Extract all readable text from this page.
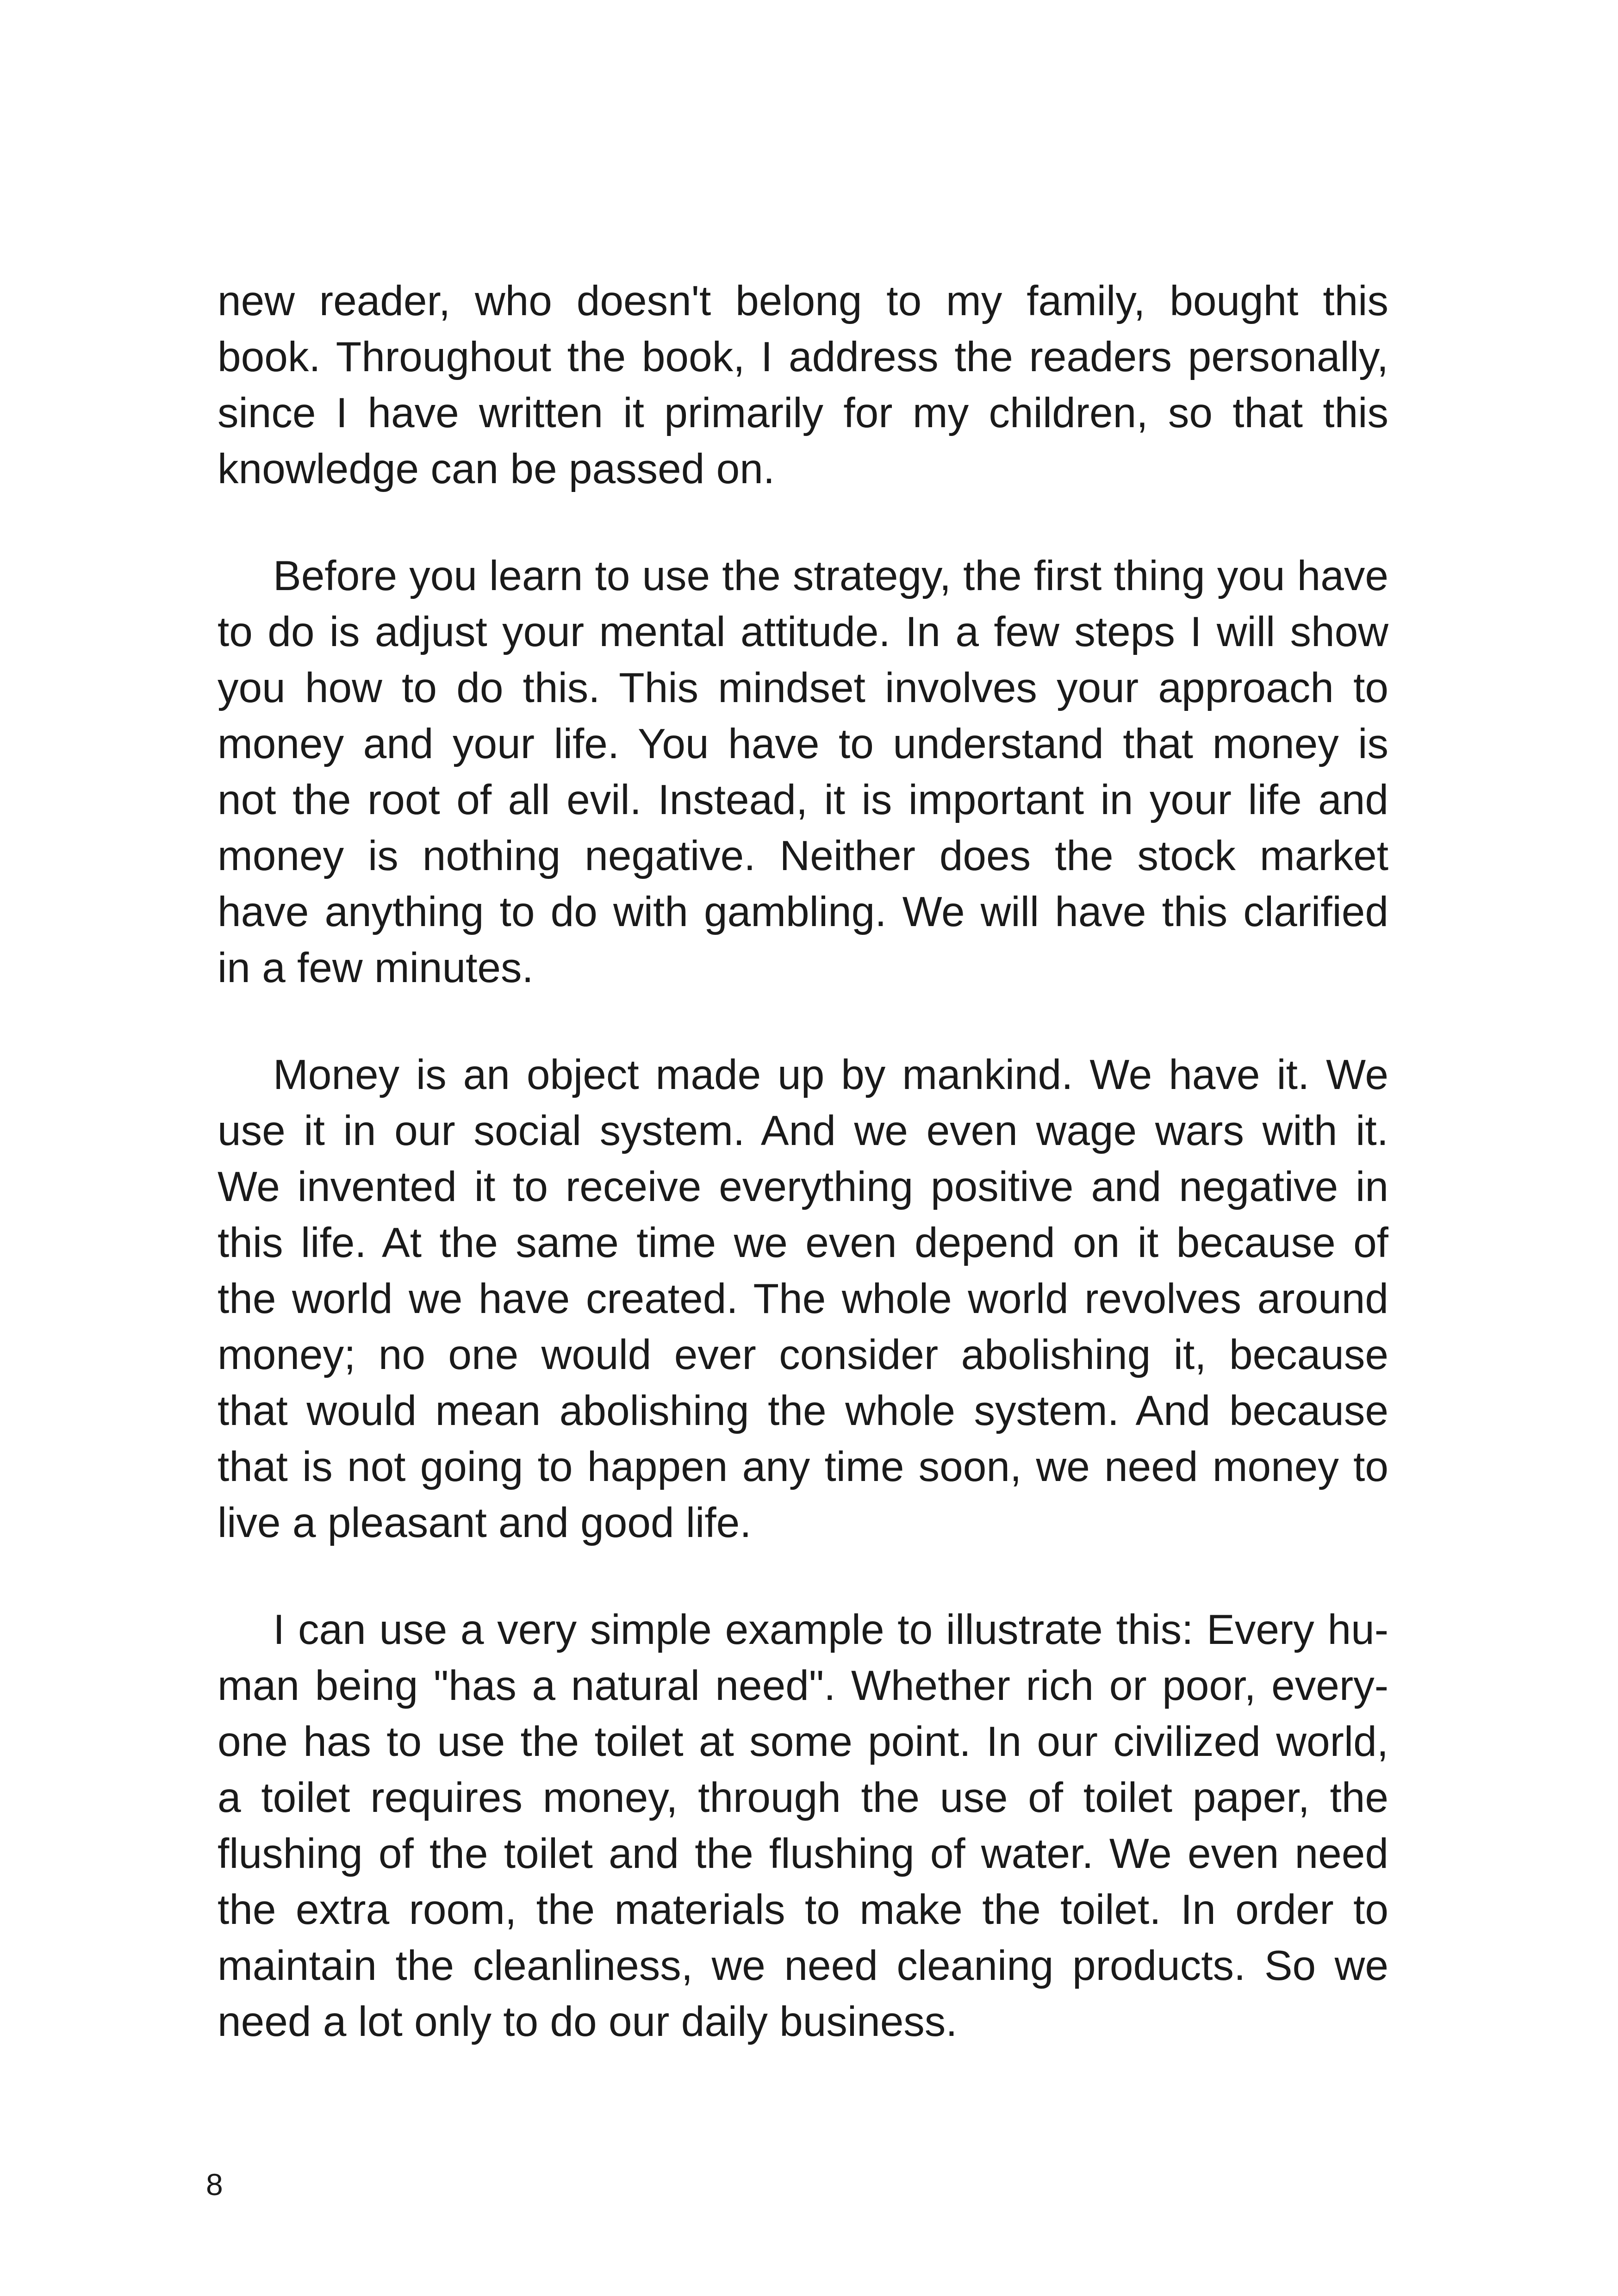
new reader, who doesn't belong to my family, bought this
book. Throughout the book, I address the readers personally,
since I have written it primarily for my children, so that this
knowledge can be passed on.
Before you learn to use the strategy, the first thing you have
to do is adjust your mental attitude. In a few steps I will show
you how to do this. This mindset involves your approach to
money and your life. You have to understand that money is
not the root of all evil. Instead, it is important in your life and
money is nothing negative. Neither does the stock market
have anything to do with gambling. We will have this clarified
in a few minutes.
Money is an object made up by mankind. We have it. We
use it in our social system. And we even wage wars with it.
We invented it to receive everything positive and negative in
this life. At the same time we even depend on it because of
the world we have created. The whole world revolves around
money; no one would ever consider abolishing it, because
that would mean abolishing the whole system. And because
that is not going to happen any time soon, we need money to
live a pleasant and good life.
I can use a very simple example to illustrate this: Every hu-
man being "has a natural need". Whether rich or poor, every-
one has to use the toilet at some point. In our civilized world,
a toilet requires money, through the use of toilet paper, the
flushing of the toilet and the flushing of water. We even need
the extra room, the materials to make the toilet. In order to
maintain the cleanliness, we need cleaning products. So we
need a lot only to do our daily business.
8
